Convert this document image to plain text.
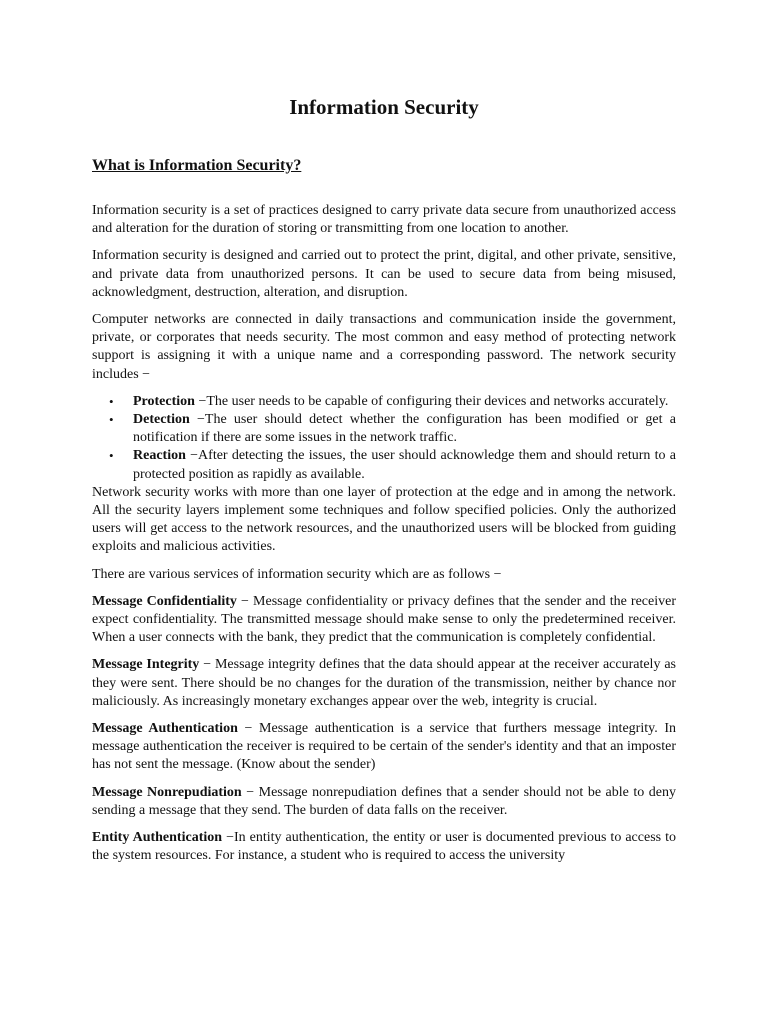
Information Security
What is Information Security?

Information security is a set of practices designed to carry private data secure from unauthorized access and alteration for the duration of storing or transmitting from one location to another.

Information security is designed and carried out to protect the print, digital, and other private, sensitive, and private data from unauthorized persons. It can be used to secure data from being misused, acknowledgment, destruction, alteration, and disruption.

Computer networks are connected in daily transactions and communication inside the government, private, or corporates that needs security. The most common and easy method of protecting network support is assigning it with a unique name and a corresponding password. The network security includes −

• Protection −The user needs to be capable of configuring their devices and networks accurately.
• Detection −The user should detect whether the configuration has been modified or get a notification if there are some issues in the network traffic.
• Reaction −After detecting the issues, the user should acknowledge them and should return to a protected position as rapidly as available.

Network security works with more than one layer of protection at the edge and in among the network. All the security layers implement some techniques and follow specified policies. Only the authorized users will get access to the network resources, and the unauthorized users will be blocked from guiding exploits and malicious activities.

There are various services of information security which are as follows −

Message Confidentiality − Message confidentiality or privacy defines that the sender and the receiver expect confidentiality. The transmitted message should make sense to only the predetermined receiver. When a user connects with the bank, they predict that the communication is completely confidential.

Message Integrity − Message integrity defines that the data should appear at the receiver accurately as they were sent. There should be no changes for the duration of the transmission, neither by chance nor maliciously. As increasingly monetary exchanges appear over the web, integrity is crucial.

Message Authentication − Message authentication is a service that furthers message integrity. In message authentication the receiver is required to be certain of the sender's identity and that an imposter has not sent the message. (Know about the sender)

Message Nonrepudiation − Message nonrepudiation defines that a sender should not be able to deny sending a message that they send. The burden of data falls on the receiver.

Entity Authentication −In entity authentication, the entity or user is documented previous to access to the system resources. For instance, a student who is required to access the university
